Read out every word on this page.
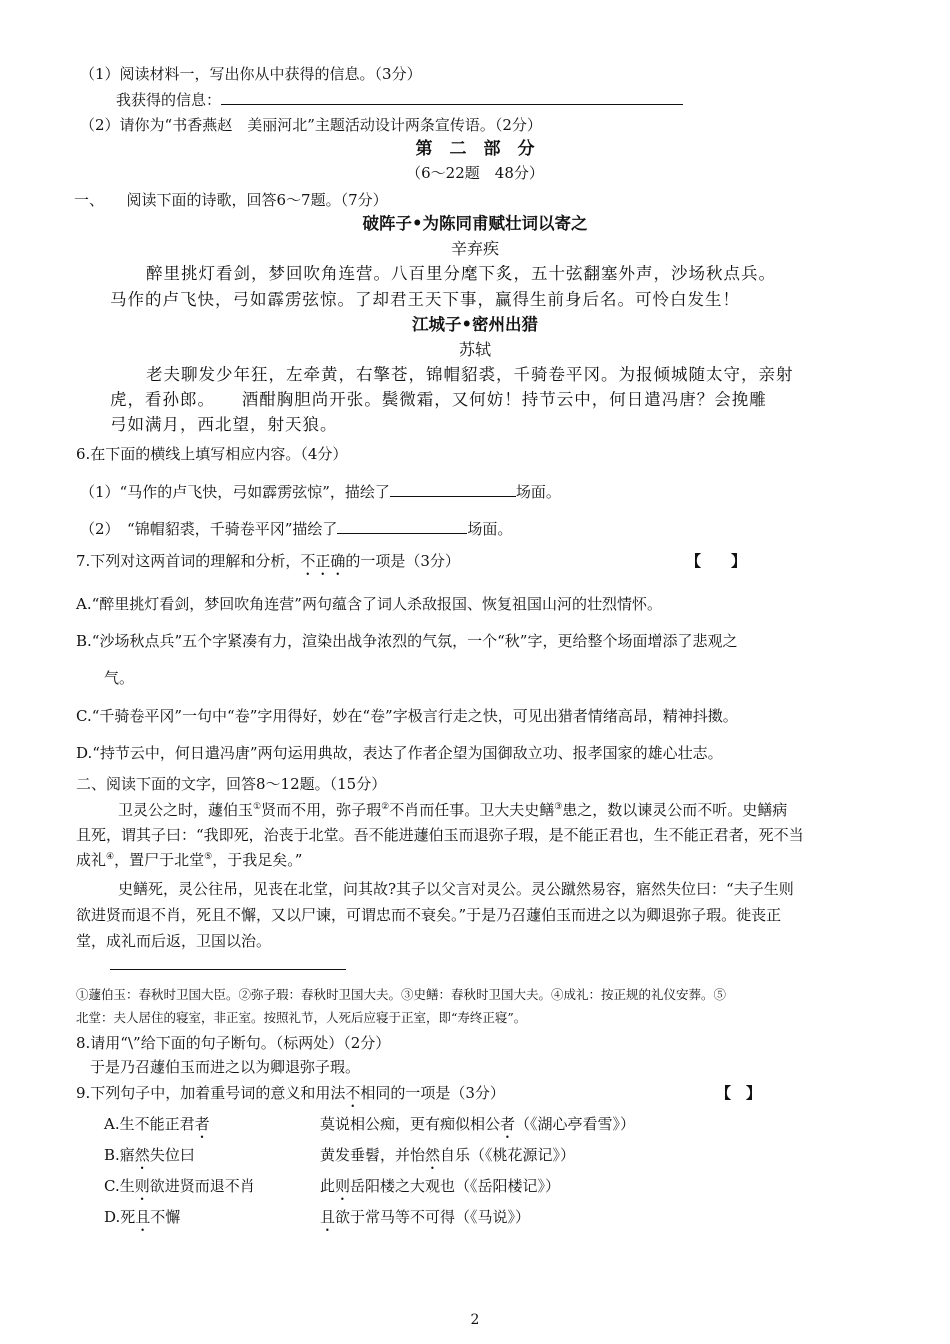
（1）阅读材料一，写出你从中获得的信息。（3分）
我获得的信息：
（2）请你为“书香燕赵　美丽河北”主题活动设计两条宣传语。（2分）
第　二　部　分
（6～22题　48分）
一、　　阅读下面的诗歌，回答6～7题。（7分）
破阵子•为陈同甫赋壮词以寄之
辛弃疾
醉里挑灯看剑，梦回吹角连营。八百里分麾下炙，五十弦翻塞外声，沙场秋点兵。
马作的卢飞快，弓如霹雳弦惊。了却君王天下事，赢得生前身后名。可怜白发生！
江城子•密州出猎
苏轼
老夫聊发少年狂，左牵黄，右擎苍，锦帽貂裘，千骑卷平冈。为报倾城随太守，亲射
虎，看孙郎。　　酒酣胸胆尚开张。鬓微霜，又何妨！持节云中，何日遣冯唐？会挽雕
弓如满月，西北望，射天狼。
6.在下面的横线上填写相应内容。（4分）
（1）“马作的卢飞快，弓如霹雳弦惊”，描绘了	场面。
（2）　“锦帽貂裘，千骑卷平冈”描绘了	场面。
7.下列对这两首词的理解和分析，不正确的一项是（3分）	【　　】
A.“醉里挑灯看剑，梦回吹角连营”两句蕴含了词人杀敌报国、恢复祖国山河的壮烈情怀。
B.“沙场秋点兵”五个字紧凑有力，渲染出战争浓烈的气氛，一个“秋”字，更给整个场面增添了悲观之
气。
C.“千骑卷平冈”一句中“卷”字用得好，妙在“卷”字极言行走之快，可见出猎者情绪高昂，精神抖擞。
D.“持节云中，何日遣冯唐”两句运用典故，表达了作者企望为国御敌立功、报孝国家的雄心壮志。
二、阅读下面的文字，回答8～12题。（15分）
卫灵公之时，蘧伯玉①贤而不用，弥子瑕②不肖而任事。卫大夫史鳝③患之，数以谏灵公而不听。史鳝病
且死，谓其子曰：“我即死，治丧于北堂。吾不能进蘧伯玉而退弥子瑕，是不能正君也，生不能正君者，死不当
成礼④，置尸于北堂⑤，于我足矣。”
史鳝死，灵公往吊，见丧在北堂，问其故?其子以父言对灵公。灵公蹴然易容，寤然失位曰：“夫子生则
欲进贤而退不肖，死且不懈，又以尸谏，可谓忠而不衰矣。”于是乃召蘧伯玉而进之以为卿退弥子瑕。徙丧正
堂，成礼而后返，卫国以治。
①蘧伯玉：春秋时卫国大臣。②弥子瑕：春秋时卫国大夫。③史鳝：春秋时卫国大夫。④成礼：按正规的礼仪安葬。⑤
北堂：夫人居住的寝室，非正室。按照礼节，人死后应寝于正室，即“寿终正寝”。
8.请用“\”给下面的句子断句。（标两处）（2分）
于是乃召蘧伯玉而进之以为卿退弥子瑕。
9.下列句子中，加着重号词的意义和用法不相同的一项是（3分）	【　】
A.生不能正君者	莫说相公痴，更有痴似相公者（《湖心亭看雪》）
B.寤然失位曰	黄发垂髫，并怡然自乐（《桃花源记》）
C.生则欲进贤而退不肖	此则岳阳楼之大观也（《岳阳楼记》）
D.死且不懈	且欲于常马等不可得（《马说》）
2
